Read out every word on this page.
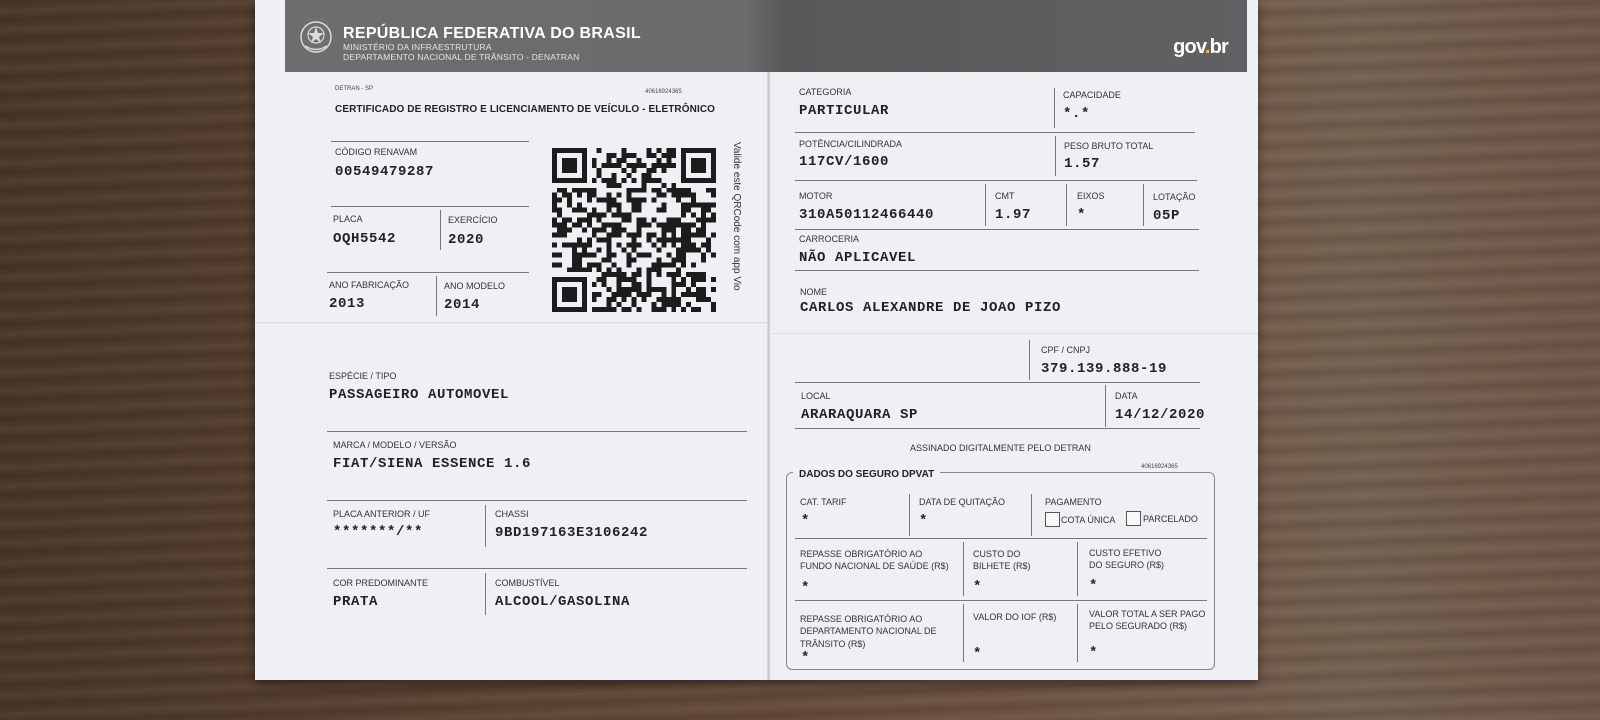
REPÚBLICA FEDERATIVA DO BRASIL
MINISTÉRIO DA INFRAESTRUTURA
DEPARTAMENTO NACIONAL DE TRÂNSITO - DENATRAN	gov.br
DETRAN - SP	40616924365
CERTIFICADO DE REGISTRO E LICENCIAMENTO DE VEÍCULO - ELETRÔNICO
CÓDIGO RENAVAM
00549479287
PLACA
OQH5542
EXERCÍCIO
2020
ANO FABRICAÇÃO
2013
ANO MODELO
2014
Valide este QRCode com app Vio
ESPÉCIE / TIPO
PASSAGEIRO AUTOMOVEL
MARCA / MODELO / VERSÃO
FIAT/SIENA ESSENCE 1.6
PLACA ANTERIOR / UF
*******/**
CHASSI
9BD197163E3106242
COR PREDOMINANTE
PRATA
COMBUSTÍVEL
ALCOOL/GASOLINA
CATEGORIA
PARTICULAR
CAPACIDADE
*.*
POTÊNCIA/CILINDRADA
117CV/1600
PESO BRUTO TOTAL
1.57
MOTOR
310A50112466440
CMT
1.97
EIXOS
*
LOTAÇÃO
05P
CARROCERIA
NÃO APLICAVEL
NOME
CARLOS ALEXANDRE DE JOAO PIZO
CPF / CNPJ
379.139.888-19
LOCAL
ARARAQUARA SP
DATA
14/12/2020
ASSINADO DIGITALMENTE PELO DETRAN
40616924365
DADOS DO SEGURO DPVAT
CAT. TARIF
*
DATA DE QUITAÇÃO
*
PAGAMENTO
COTA ÚNICA	PARCELADO
REPASSE OBRIGATÓRIO AO
FUNDO NACIONAL DE SAÚDE (R$)
*
CUSTO DO
BILHETE (R$)
*
CUSTO EFETIVO
DO SEGURO (R$)
*
REPASSE OBRIGATÓRIO AO
DEPARTAMENTO NACIONAL DE
TRÂNSITO (R$)
*
VALOR DO IOF (R$)
*
VALOR TOTAL A SER PAGO
PELO SEGURADO (R$)
*
